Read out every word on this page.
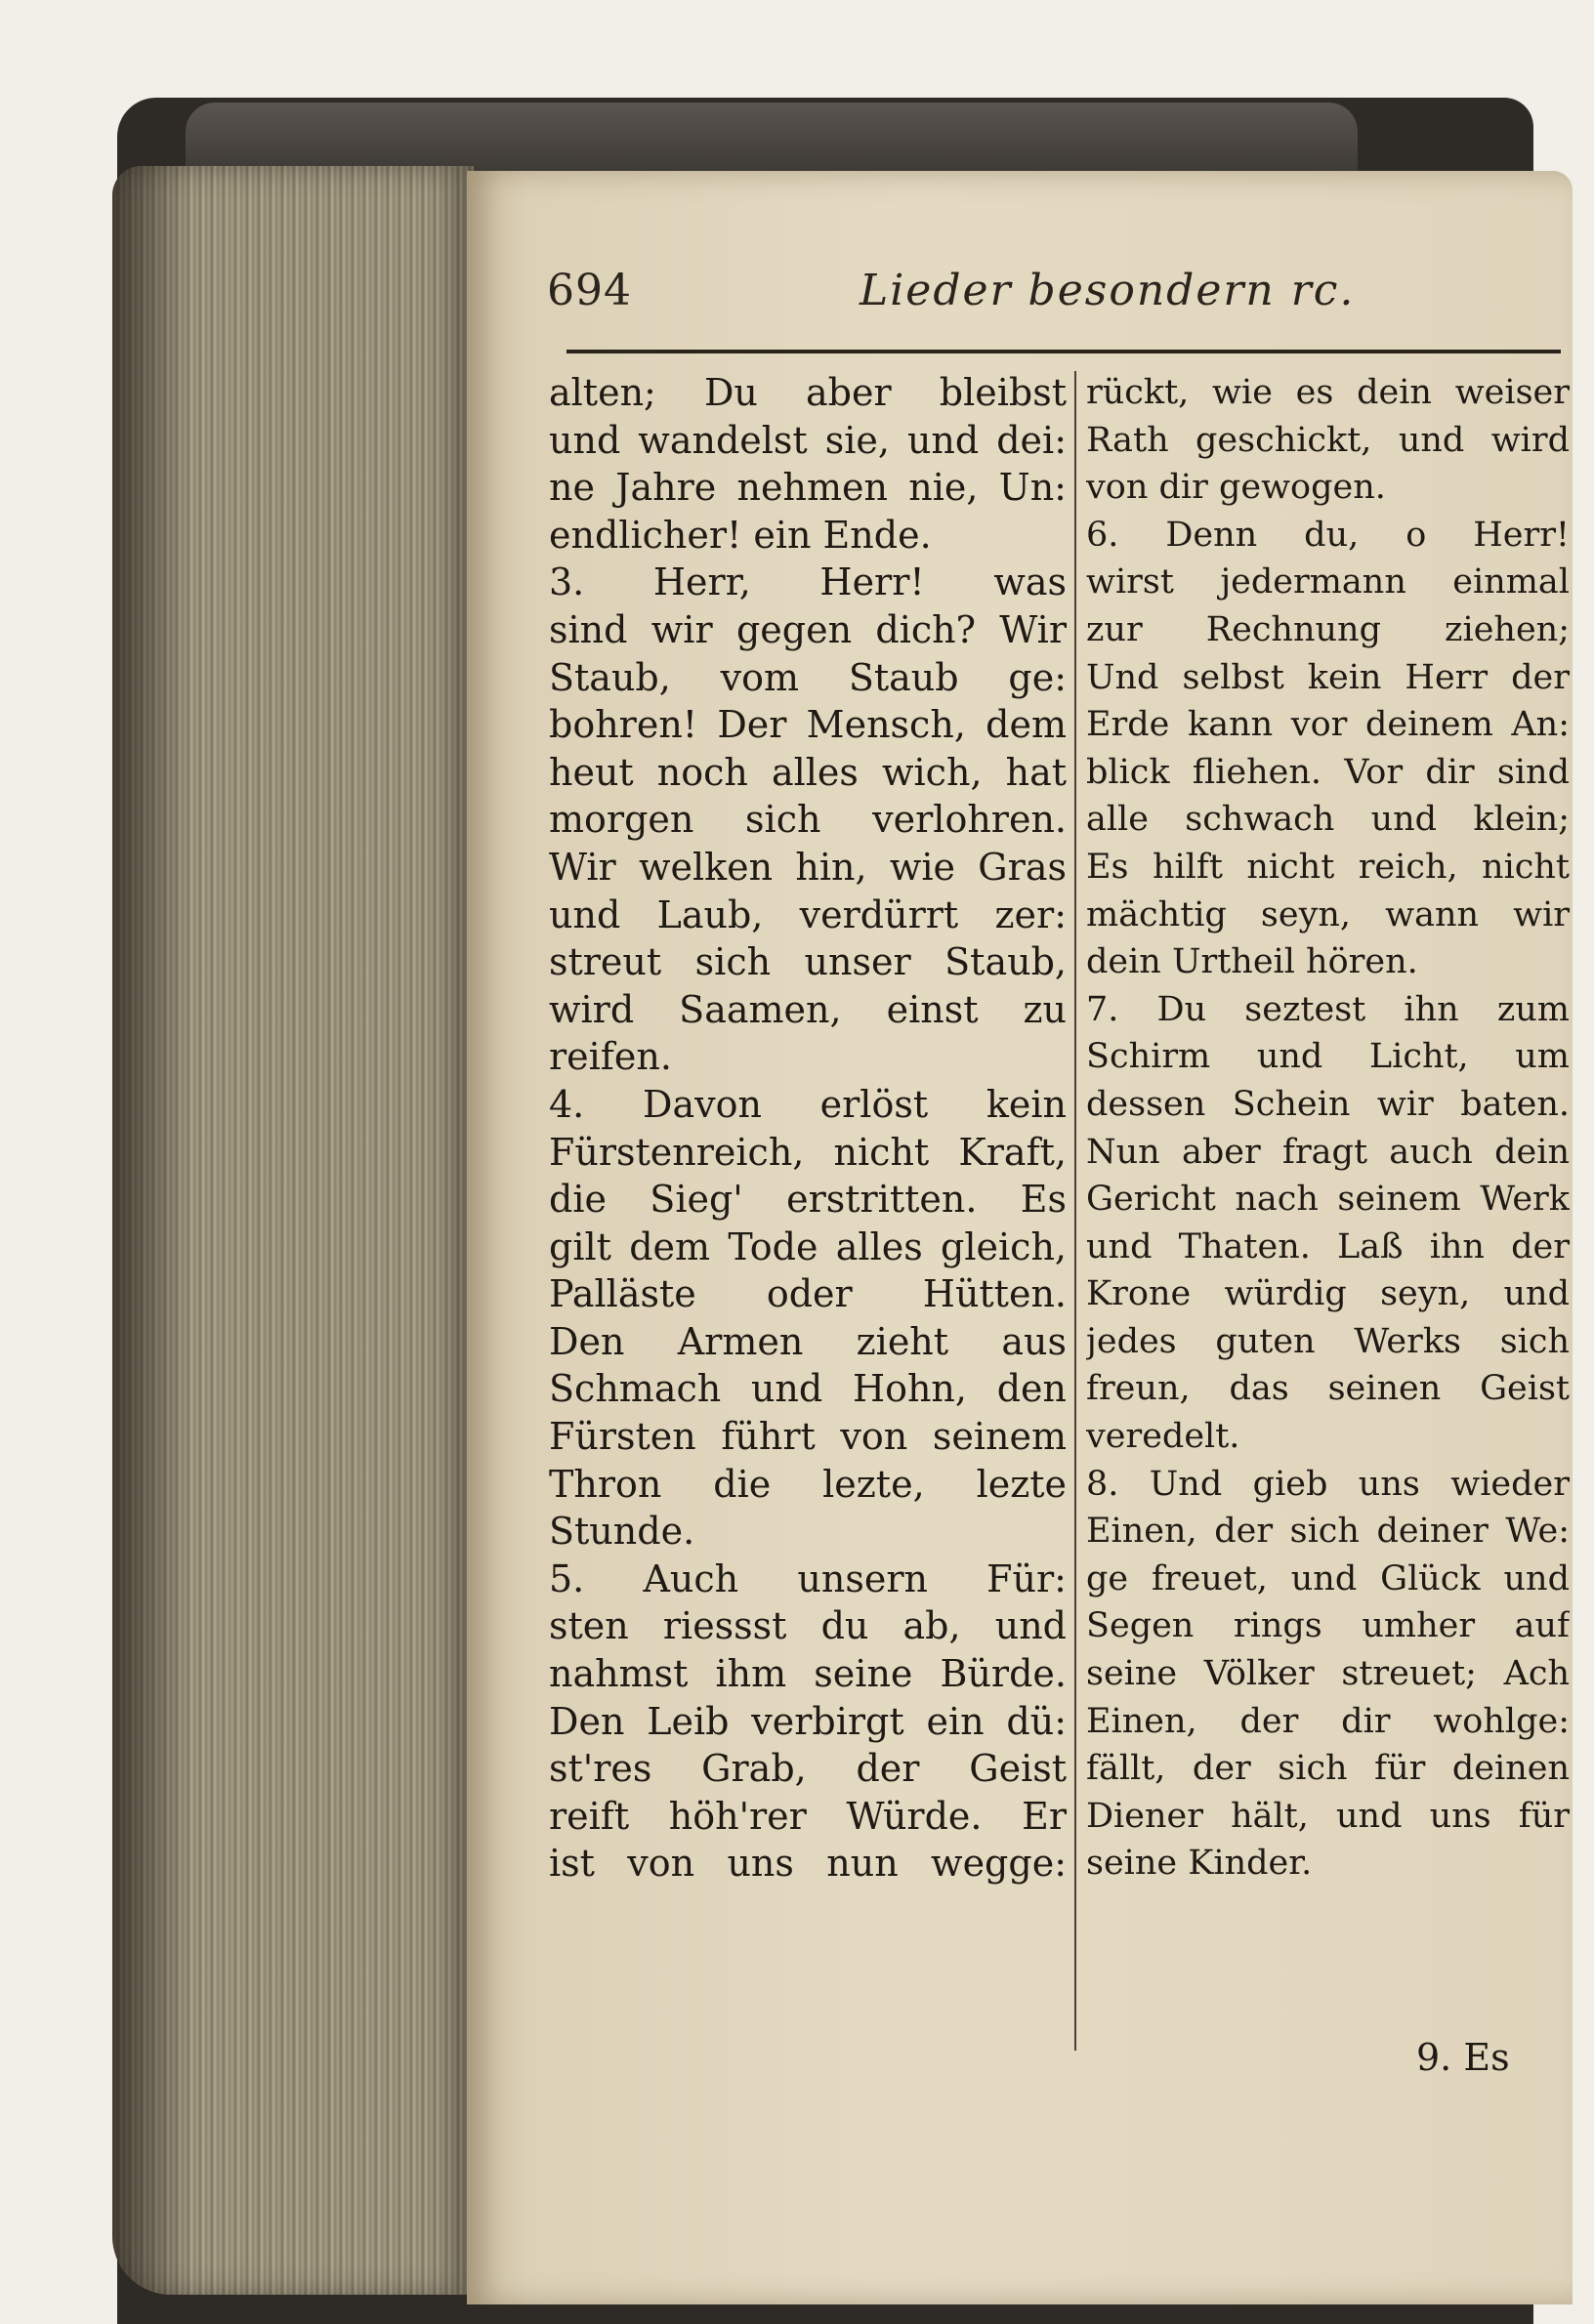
694	Lieder besondern rc.
alten; Du aber bleibst
und wandelst sie, und dei:
ne Jahre nehmen nie, Un:
endlicher! ein Ende.
3. Herr, Herr! was
sind wir gegen dich? Wir
Staub, vom Staub ge:
bohren! Der Mensch, dem
heut noch alles wich, hat
morgen sich verlohren.
Wir welken hin, wie Gras
und Laub, verdürrt zer:
streut sich unser Staub,
wird Saamen, einst zu
reifen.
4. Davon erlöst kein
Fürstenreich, nicht Kraft,
die Sieg' erstritten. Es
gilt dem Tode alles gleich,
Palläste oder Hütten.
Den Armen zieht aus
Schmach und Hohn, den
Fürsten führt von seinem
Thron die lezte, lezte
Stunde.
5. Auch unsern Für:
sten riessst du ab, und
nahmst ihm seine Bürde.
Den Leib verbirgt ein dü:
st'res Grab, der Geist
reift höh'rer Würde. Er
ist von uns nun wegge:
rückt, wie es dein weiser
Rath geschickt, und wird
von dir gewogen.
6. Denn du, o Herr!
wirst jedermann einmal
zur Rechnung ziehen;
Und selbst kein Herr der
Erde kann vor deinem An:
blick fliehen. Vor dir sind
alle schwach und klein;
Es hilft nicht reich, nicht
mächtig seyn, wann wir
dein Urtheil hören.
7. Du seztest ihn zum
Schirm und Licht, um
dessen Schein wir baten.
Nun aber fragt auch dein
Gericht nach seinem Werk
und Thaten. Laß ihn der
Krone würdig seyn, und
jedes guten Werks sich
freun, das seinen Geist
veredelt.
8. Und gieb uns wieder
Einen, der sich deiner We:
ge freuet, und Glück und
Segen rings umher auf
seine Völker streuet; Ach
Einen, der dir wohlge:
fällt, der sich für deinen
Diener hält, und uns für
seine Kinder.
9. Es
